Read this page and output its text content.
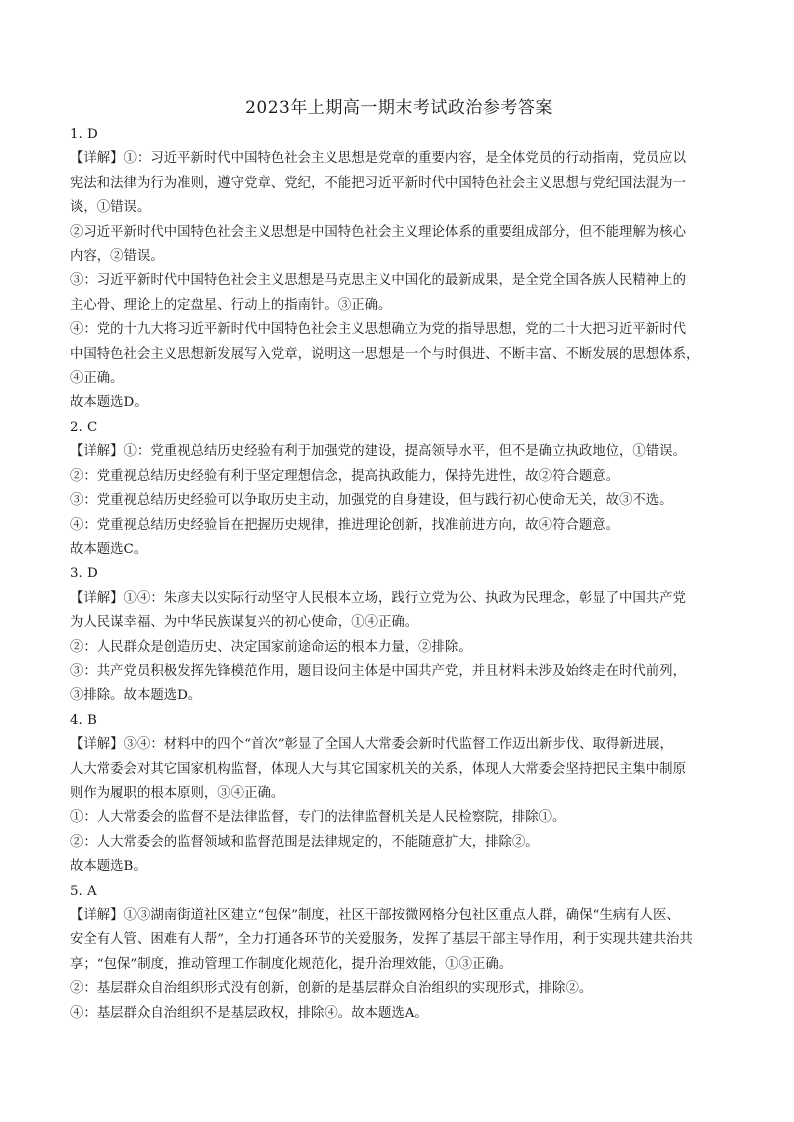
2023年上期高一期末考试政治参考答案
1. D
【详解】①：习近平新时代中国特色社会主义思想是党章的重要内容，是全体党员的行动指南，党员应以
宪法和法律为行为准则，遵守党章、党纪，不能把习近平新时代中国特色社会主义思想与党纪国法混为一
谈，①错误。
②习近平新时代中国特色社会主义思想是中国特色社会主义理论体系的重要组成部分，但不能理解为核心
内容，②错误。
③：习近平新时代中国特色社会主义思想是马克思主义中国化的最新成果，是全党全国各族人民精神上的
主心骨、理论上的定盘星、行动上的指南针。③正确。
④：党的十九大将习近平新时代中国特色社会主义思想确立为党的指导思想，党的二十大把习近平新时代
中国特色社会主义思想新发展写入党章，说明这一思想是一个与时俱进、不断丰富、不断发展的思想体系，
④正确。
故本题选D。
2. C
【详解】①：党重视总结历史经验有利于加强党的建设，提高领导水平，但不是确立执政地位，①错误。
②：党重视总结历史经验有利于坚定理想信念，提高执政能力，保持先进性，故②符合题意。
③：党重视总结历史经验可以争取历史主动，加强党的自身建设，但与践行初心使命无关，故③不选。
④：党重视总结历史经验旨在把握历史规律，推进理论创新，找准前进方向，故④符合题意。
故本题选C。
3. D
【详解】①④：朱彦夫以实际行动坚守人民根本立场，践行立党为公、执政为民理念，彰显了中国共产党
为人民谋幸福、为中华民族谋复兴的初心使命，①④正确。
②：人民群众是创造历史、决定国家前途命运的根本力量，②排除。
③：共产党员积极发挥先锋模范作用，题目设问主体是中国共产党，并且材料未涉及始终走在时代前列，
③排除。故本题选D。
4. B
【详解】③④：材料中的四个“首次”彰显了全国人大常委会新时代监督工作迈出新步伐、取得新进展，
人大常委会对其它国家机构监督，体现人大与其它国家机关的关系，体现人大常委会坚持把民主集中制原
则作为履职的根本原则，③④正确。
①：人大常委会的监督不是法律监督，专门的法律监督机关是人民检察院，排除①。
②：人大常委会的监督领域和监督范围是法律规定的，不能随意扩大，排除②。
故本题选B。
5. A
【详解】①③湖南街道社区建立“包保”制度，社区干部按微网格分包社区重点人群，确保“生病有人医、
安全有人管、困难有人帮”，全力打通各环节的关爱服务，发挥了基层干部主导作用，利于实现共建共治共
享；“包保”制度，推动管理工作制度化规范化，提升治理效能，①③正确。
②：基层群众自治组织形式没有创新，创新的是基层群众自治组织的实现形式，排除②。
④：基层群众自治组织不是基层政权，排除④。故本题选A。
